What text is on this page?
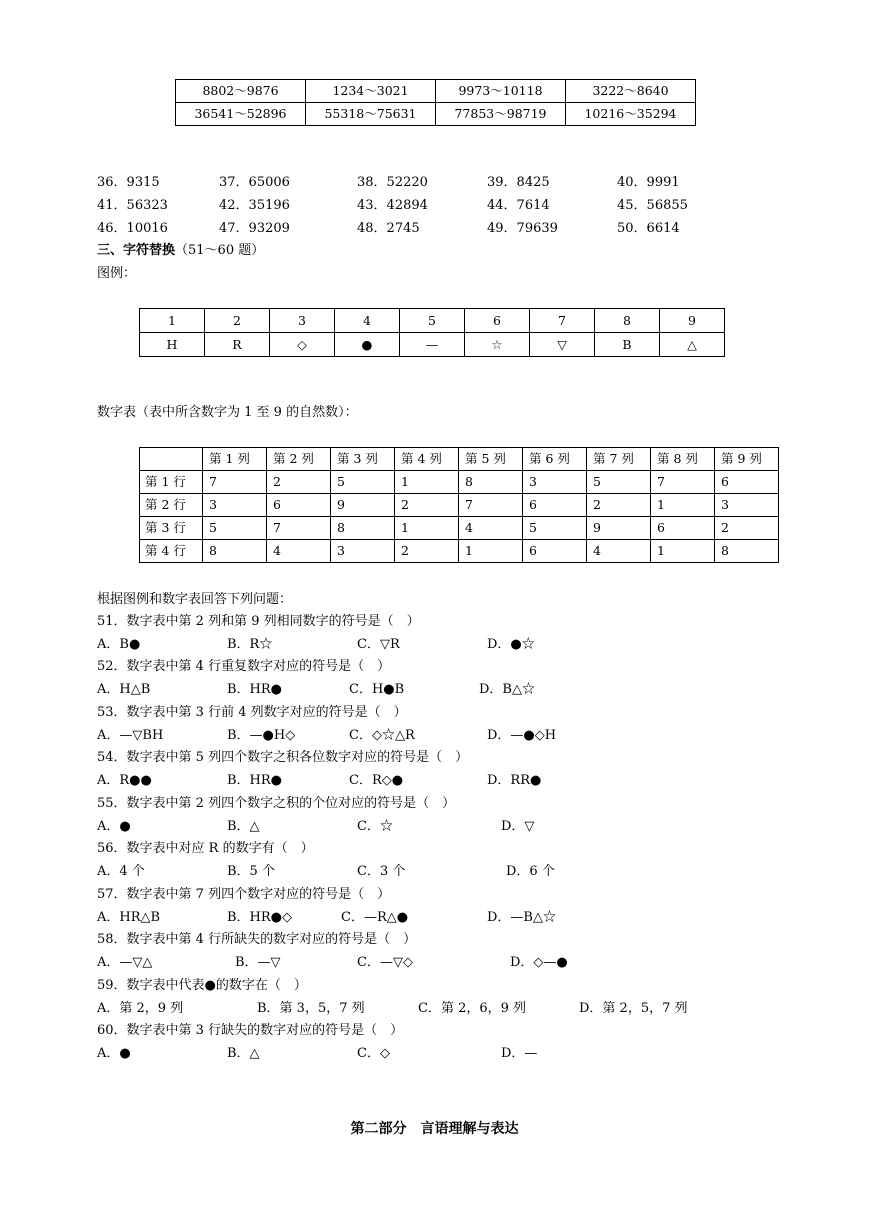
8802～9876	1234～3021	9973～10118	3222～8640
36541～52896	55318～75631	77853～98719	10216～35294
36．9315	37．65006	38．52220	39．8425	40．9991
41．56323	42．35196	43．42894	44．7614	45．56855
46．10016	47．93209	48．2745	49．79639	50．6614
三、字符替换（51～60 题）
图例：
1	2	3	4	5	6	7	8	9
H	R	◇	●	—	☆	▽	B	△
数字表（表中所含数字为 1 至 9 的自然数）：
	第 1 列	第 2 列	第 3 列	第 4 列	第 5 列	第 6 列	第 7 列	第 8 列	第 9 列
第 1 行	7	2	5	1	8	3	5	7	6
第 2 行	3	6	9	2	7	6	2	1	3
第 3 行	5	7	8	1	4	5	9	6	2
第 4 行	8	4	3	2	1	6	4	1	8
根据图例和数字表回答下列问题：
51．数字表中第 2 列和第 9 列相同数字的符号是（　）
A．B●	B．R☆	C．▽R	D．●☆
52．数字表中第 4 行重复数字对应的符号是（　）
A．H△B	B．HR●	C．H●B	D．B△☆
53．数字表中第 3 行前 4 列数字对应的符号是（　）
A．—▽BH	B．—●H◇	C．◇☆△R	D．—●◇H
54．数字表中第 5 列四个数字之积各位数字对应的符号是（　）
A．R●●	B．HR●	C．R◇●	D．RR●
55．数字表中第 2 列四个数字之积的个位对应的符号是（　）
A．●	B．△	C．☆	D．▽
56．数字表中对应 R 的数字有（　）
A．4 个	B．5 个	C．3 个	D．6 个
57．数字表中第 7 列四个数字对应的符号是（　）
A．HR△B	B．HR●◇	C．—R△●	D．—B△☆
58．数字表中第 4 行所缺失的数字对应的符号是（　）
A．—▽△	B．—▽	C．—▽◇	D．◇—●
59．数字表中代表●的数字在（　）
A．第 2，9 列	B．第 3，5，7 列	C．第 2，6，9 列	D．第 2，5，7 列
60．数字表中第 3 行缺失的数字对应的符号是（　）
A．●	B．△	C．◇	D．—
第二部分　言语理解与表达
